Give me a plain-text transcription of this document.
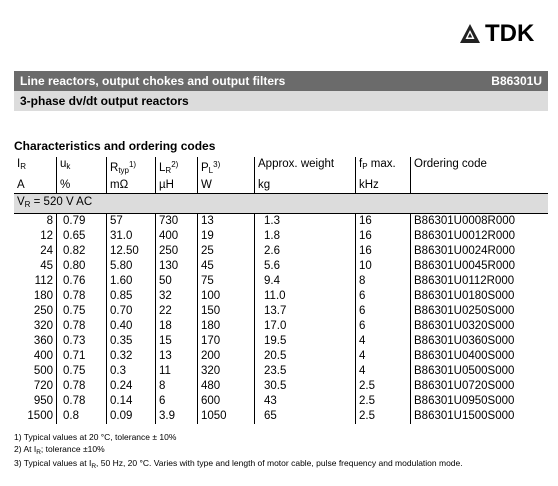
TDK
Line reactors, output chokes and output filters	B86301U
3-phase dv/dt output reactors
Characteristics and ordering codes
$I_R$	$u_k$	$R_{typ}^{1)}$	$L_R^{2)}$	$P_L^{3)}$	Approx. weight	$f_P$ max.	Ordering code
A	%	mΩ	µH	W	kg	kHz	
$V_R = 520$ V AC							
8	0.79	57	730	13	1.3	16	B86301U0008R000
12	0.65	31.0	400	19	1.8	16	B86301U0012R000
24	0.82	12.50	250	25	2.6	16	B86301U0024R000
45	0.80	5.80	130	45	5.6	10	B86301U0045R000
112	0.76	1.60	50	75	9.4	8	B86301U0112R000
180	0.78	0.85	32	100	11.0	6	B86301U0180S000
250	0.75	0.70	22	150	13.7	6	B86301U0250S000
320	0.78	0.40	18	180	17.0	6	B86301U0320S000
360	0.73	0.35	15	170	19.5	4	B86301U0360S000
400	0.71	0.32	13	200	20.5	4	B86301U0400S000
500	0.75	0.3	11	320	23.5	4	B86301U0500S000
720	0.78	0.24	8	480	30.5	2.5	B86301U0720S000
950	0.78	0.14	6	600	43	2.5	B86301U0950S000
1500	0.8	0.09	3.9	1050	65	2.5	B86301U1500S000
1) Typical values at 20 °C, tolerance ± 10%
2) At $I_R$; tolerance ±10%
3) Typical values at $I_R$, 50 Hz, 20 °C. Varies with type and length of motor cable, pulse frequency and modulation mode.
